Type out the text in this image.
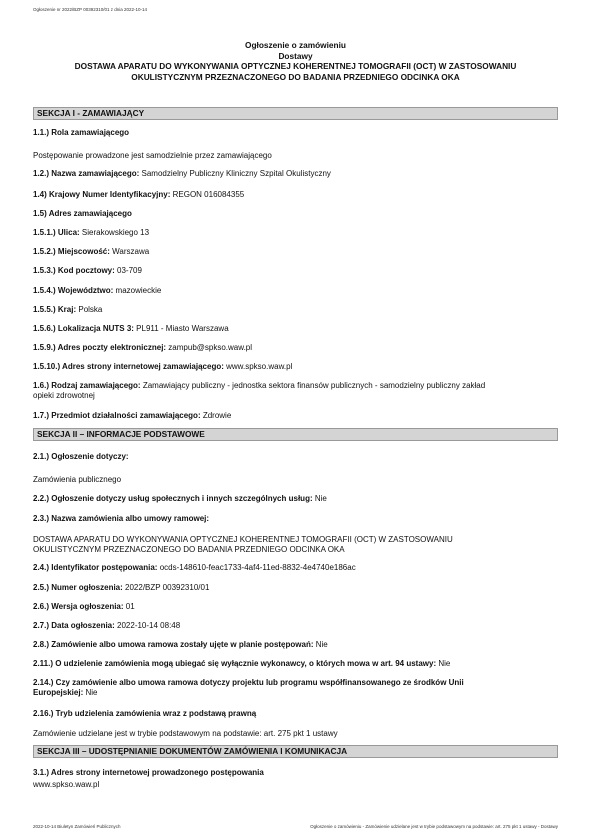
Ogłoszenie nr 2022/BZP 00392310/01 z dnia 2022-10-14
Ogłoszenie o zamówieniu
Dostawy
DOSTAWA APARATU DO WYKONYWANIA OPTYCZNEJ KOHERENTNEJ TOMOGRAFII (OCT) W ZASTOSOWANIU
OKULISTYCZNYM PRZEZNACZONEGO DO BADANIA PRZEDNIEGO ODCINKA OKA
SEKCJA I - ZAMAWIAJĄCY
1.1.) Rola zamawiającego
Postępowanie prowadzone jest samodzielnie przez zamawiającego
1.2.) Nazwa zamawiającego: Samodzielny Publiczny Kliniczny Szpital Okulistyczny
1.4) Krajowy Numer Identyfikacyjny: REGON 016084355
1.5) Adres zamawiającego
1.5.1.) Ulica: Sierakowskiego 13
1.5.2.) Miejscowość: Warszawa
1.5.3.) Kod pocztowy: 03-709
1.5.4.) Województwo: mazowieckie
1.5.5.) Kraj: Polska
1.5.6.) Lokalizacja NUTS 3: PL911 - Miasto Warszawa
1.5.9.) Adres poczty elektronicznej: zampub@spkso.waw.pl
1.5.10.) Adres strony internetowej zamawiającego: www.spkso.waw.pl
1.6.) Rodzaj zamawiającego: Zamawiający publiczny - jednostka sektora finansów publicznych - samodzielny publiczny zakład
opieki zdrowotnej
1.7.) Przedmiot działalności zamawiającego: Zdrowie
SEKCJA II – INFORMACJE PODSTAWOWE
2.1.) Ogłoszenie dotyczy:
Zamówienia publicznego
2.2.) Ogłoszenie dotyczy usług społecznych i innych szczególnych usług: Nie
2.3.) Nazwa zamówienia albo umowy ramowej:
DOSTAWA APARATU DO WYKONYWANIA OPTYCZNEJ KOHERENTNEJ TOMOGRAFII (OCT) W ZASTOSOWANIU
OKULISTYCZNYM PRZEZNACZONEGO DO BADANIA PRZEDNIEGO ODCINKA OKA
2.4.) Identyfikator postępowania: ocds-148610-feac1733-4af4-11ed-8832-4e4740e186ac
2.5.) Numer ogłoszenia: 2022/BZP 00392310/01
2.6.) Wersja ogłoszenia: 01
2.7.) Data ogłoszenia: 2022-10-14 08:48
2.8.) Zamówienie albo umowa ramowa zostały ujęte w planie postępowań: Nie
2.11.) O udzielenie zamówienia mogą ubiegać się wyłącznie wykonawcy, o których mowa w art. 94 ustawy: Nie
2.14.) Czy zamówienie albo umowa ramowa dotyczy projektu lub programu współfinansowanego ze środków Unii
Europejskiej: Nie
2.16.) Tryb udzielenia zamówienia wraz z podstawą prawną
Zamówienie udzielane jest w trybie podstawowym na podstawie: art. 275 pkt 1 ustawy
SEKCJA III – UDOSTĘPNIANIE DOKUMENTÓW ZAMÓWIENIA I KOMUNIKACJA
3.1.) Adres strony internetowej prowadzonego postępowania
www.spkso.waw.pl
2022-10-14 Biuletyn Zamówień Publicznych	Ogłoszenie o zamówieniu - Zamówienie udzielane jest w trybie podstawowym na podstawie: art. 275 pkt 1 ustawy - Dostawy
